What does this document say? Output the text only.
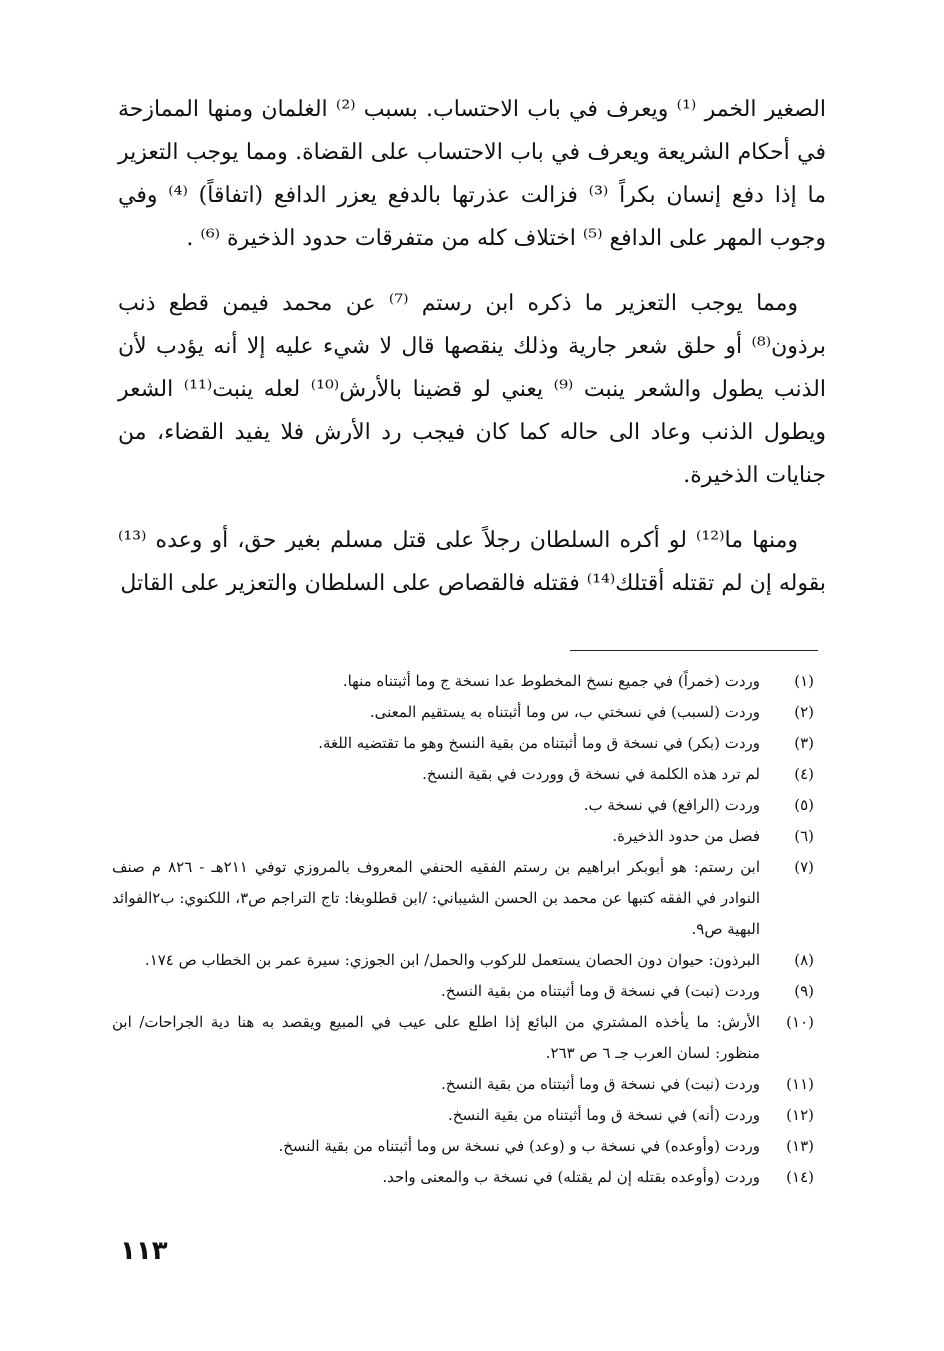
الصغير الخمر ⁽¹⁾ ويعرف في باب الاحتساب. بسبب ⁽²⁾ الغلمان ومنها الممازحة في أحكام الشريعة ويعرف في باب الاحتساب على القضاة. ومما يوجب التعزير ما إذا دفع إنسان بكراً ⁽³⁾ فزالت عذرتها بالدفع يعزر الدافع (اتفاقاً) ⁽⁴⁾ وفي وجوب المهر على الدافع ⁽⁵⁾ اختلاف كله من متفرقات حدود الذخيرة ⁽⁶⁾ .

ومما يوجب التعزير ما ذكره ابن رستم ⁽⁷⁾ عن محمد فيمن قطع ذنب برذون⁽⁸⁾ أو حلق شعر جارية وذلك ينقصها قال لا شيء عليه إلا أنه يؤدب لأن الذنب يطول والشعر ينبت ⁽⁹⁾ يعني لو قضينا بالأرش⁽¹⁰⁾ لعله ينبت⁽¹¹⁾ الشعر ويطول الذنب وعاد الى حاله كما كان فيجب رد الأرش فلا يفيد القضاء، من جنايات الذخيرة.

ومنها ما⁽¹²⁾ لو أكره السلطان رجلاً على قتل مسلم بغير حق، أو وعده ⁽¹³⁾ بقوله إن لم تقتله أقتلك⁽¹⁴⁾ فقتله فالقصاص على السلطان والتعزير على القاتل

(١)
وردت (خمراً) في جميع نسخ المخطوط عدا نسخة ج وما أثبتناه منها.
(٢)
وردت (لسبب) في نسختي ب، س وما أثبتناه به يستقيم المعنى.
(٣)
وردت (بكر) في نسخة ق وما أثبتناه من بقية النسخ وهو ما تقتضيه اللغة.
(٤)
لم ترد هذه الكلمة في نسخة ق ووردت في بقية النسخ.
(٥)
وردت (الرافع) في نسخة ب.
(٦)
فصل من حدود الذخيرة.
(٧)
ابن رستم: هو أبوبكر ابراهيم بن رستم الفقيه الحنفي المعروف بالمروزي توفي ٢١١هـ - ٨٢٦ م صنف النوادر في الفقه كتبها عن محمد بن الحسن الشيباني: /ابن قطلوبغا: تاج التراجم ص٣، اللكنوي: ب٢الفوائد البهية ص٩.
(٨)
البرذون: حيوان دون الحصان يستعمل للركوب والحمل/ ابن الجوزي: سيرة عمر بن الخطاب ص ١٧٤.
(٩)
وردت (نبت) في نسخة ق وما أثبتناه من بقية النسخ.
(١٠)
الأرش: ما يأخذه المشتري من البائع إذا اطلع على عيب في المبيع ويقصد به هنا دية الجراحات/ ابن منظور: لسان العرب جـ ٦ ص ٢٦٣.
(١١)
وردت (نبت) في نسخة ق وما أثبتناه من بقية النسخ.
(١٢)
وردت (أنه) في نسخة ق وما أثبتناه من بقية النسخ.
(١٣)
وردت (وأوعده) في نسخة ب و (وعد) في نسخة س وما أثبتناه من بقية النسخ.
(١٤)
وردت (وأوعده بقتله إن لم يقتله) في نسخة ب والمعنى واحد.
١١٣
